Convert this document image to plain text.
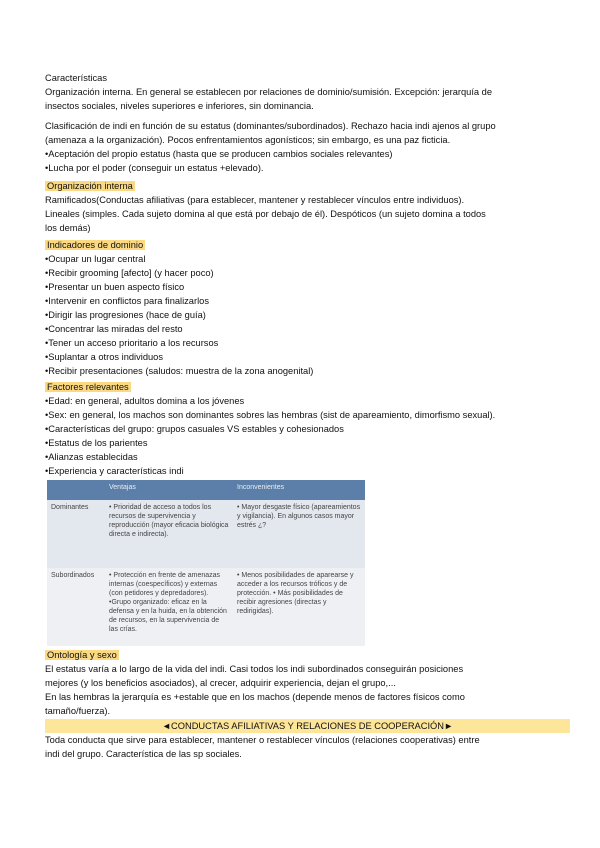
Características

Organización interna. En general se establecen por relaciones de dominio/sumisión. Excepción: jerarquía de

insectos sociales, niveles superiores e inferiores, sin dominancia.

Clasificación de indi en función de su estatus (dominantes/subordinados). Rechazo hacia indi ajenos al grupo

(amenaza a la organización). Pocos enfrentamientos agonísticos; sin embargo, es una paz ficticia.

•Aceptación del propio estatus (hasta que se producen cambios sociales relevantes)

•Lucha por el poder (conseguir un estatus +elevado).

Organización interna

Ramificados(Conductas afiliativas (para establecer, mantener y restablecer vínculos entre individuos).

Lineales (simples. Cada sujeto domina al que está por debajo de él). Despóticos (un sujeto domina a todos

los demás)

Indicadores de dominio

•Ocupar un lugar central

•Recibir grooming [afecto] (y hacer poco)

•Presentar un buen aspecto físico

•Intervenir en conflictos para finalizarlos

•Dirigir las progresiones (hace de guía)

•Concentrar las miradas del resto

•Tener un acceso prioritario a los recursos

•Suplantar a otros individuos

•Recibir presentaciones (saludos: muestra de la zona anogenital)

Factores relevantes

•Edad: en general, adultos domina a los jóvenes

•Sex: en general, los machos son dominantes sobres las hembras (sist de apareamiento, dimorfismo sexual).

•Características del grupo: grupos casuales VS estables y cohesionados

•Estatus de los parientes

•Alianzas establecidas

•Experiencia y características indi

	Ventajas	Inconvenientes
Dominantes	• Prioridad de acceso a todos los recursos de supervivencia y reproducción (mayor eficacia biológica directa e indirecta).	• Mayor desgaste físico (apareamientos y vigilancia). En algunos casos mayor estrés ¿?
Subordinados	• Protección en frente de amenazas internas (coespecíficos) y externas (con petidores y depredadores). •Grupo organizado: eficaz en la defensa y en la huida, en la obtención de recursos, en la supervivencia de las crías.	• Menos posibilidades de aparearse y acceder a los recursos tróficos y de protección. • Más posibilidades de recibir agresiones (directas y redirigidas).

Ontología y sexo

El estatus varía a lo largo de la vida del indi. Casi todos los indi subordinados conseguirán posiciones

mejores (y los beneficios asociados), al crecer, adquirir experiencia, dejan el grupo,...

En las hembras la jerarquía es +estable que en los machos (depende menos de factores físicos como

tamaño/fuerza).

◄CONDUCTAS AFILIATIVAS Y RELACIONES DE COOPERACIÓN►

Toda conducta que sirve para establecer, mantener o restablecer vínculos (relaciones cooperativas) entre

indi del grupo. Característica de las sp sociales.
